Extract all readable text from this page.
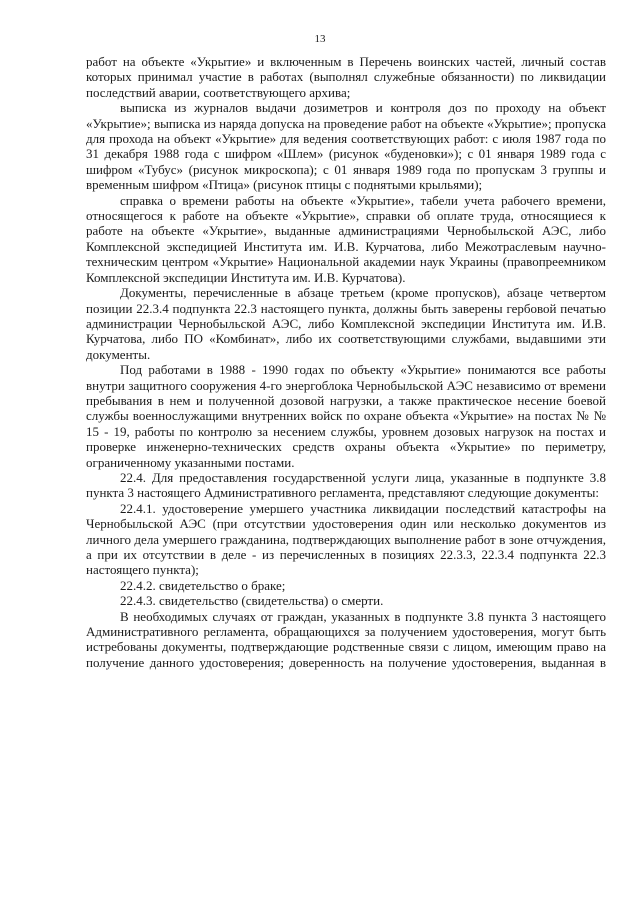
13

работ на объекте «Укрытие» и включенным в Перечень воинских частей, личный состав которых принимал участие в работах (выполнял служебные обязанности) по ликвидации последствий аварии, соответствующего архива;

выписка из журналов выдачи дозиметров и контроля доз по проходу на объект «Укрытие»; выписка из наряда допуска на проведение работ на объекте «Укрытие»; пропуска для прохода на объект «Укрытие» для ведения соответствующих работ: с июля 1987 года по 31 декабря 1988 года с шифром «Шлем» (рисунок «буденовки»); с 01 января 1989 года с шифром «Тубус» (рисунок микроскопа); с 01 января 1989 года по пропускам 3 группы и временным шифром «Птица» (рисунок птицы с поднятыми крыльями);

справка о времени работы на объекте «Укрытие», табели учета рабочего времени, относящегося к работе на объекте «Укрытие», справки об оплате труда, относящиеся к работе на объекте «Укрытие», выданные администрациями Чернобыльской АЭС, либо Комплексной экспедицией Института им. И.В. Курчатова, либо Межотраслевым научно-техническим центром «Укрытие» Национальной академии наук Украины (правопреемником Комплексной экспедиции Института им. И.В. Курчатова).

Документы, перечисленные в абзаце третьем (кроме пропусков), абзаце четвертом позиции 22.3.4 подпункта 22.3 настоящего пункта, должны быть заверены гербовой печатью администрации Чернобыльской АЭС, либо Комплексной экспедиции Института им. И.В. Курчатова, либо ПО «Комбинат», либо их соответствующими службами, выдавшими эти документы.

Под работами в 1988 - 1990 годах по объекту «Укрытие» понимаются все работы внутри защитного сооружения 4-го энергоблока Чернобыльской АЭС независимо от времени пребывания в нем и полученной дозовой нагрузки, а также практическое несение боевой службы военнослужащими внутренних войск по охране объекта «Укрытие» на постах № № 15 - 19, работы по контролю за несением службы, уровнем дозовых нагрузок на постах и проверке инженерно-технических средств охраны объекта «Укрытие» по периметру, ограниченному указанными постами.

22.4. Для предоставления государственной услуги лица, указанные в подпункте 3.8 пункта 3 настоящего Административного регламента, представляют следующие документы:

22.4.1. удостоверение умершего участника ликвидации последствий катастрофы на Чернобыльской АЭС (при отсутствии удостоверения один или несколько документов из личного дела умершего гражданина, подтверждающих выполнение работ в зоне отчуждения, а при их отсутствии в деле - из перечисленных в позициях 22.3.3, 22.3.4 подпункта 22.3 настоящего пункта);

22.4.2. свидетельство о браке;

22.4.3. свидетельство (свидетельства) о смерти.

В необходимых случаях от граждан, указанных в подпункте 3.8 пункта 3 настоящего Административного регламента, обращающихся за получением удостоверения, могут быть истребованы документы, подтверждающие родственные связи с лицом, имеющим право на получение данного удостоверения; доверенность на получение удостоверения, выданная в
